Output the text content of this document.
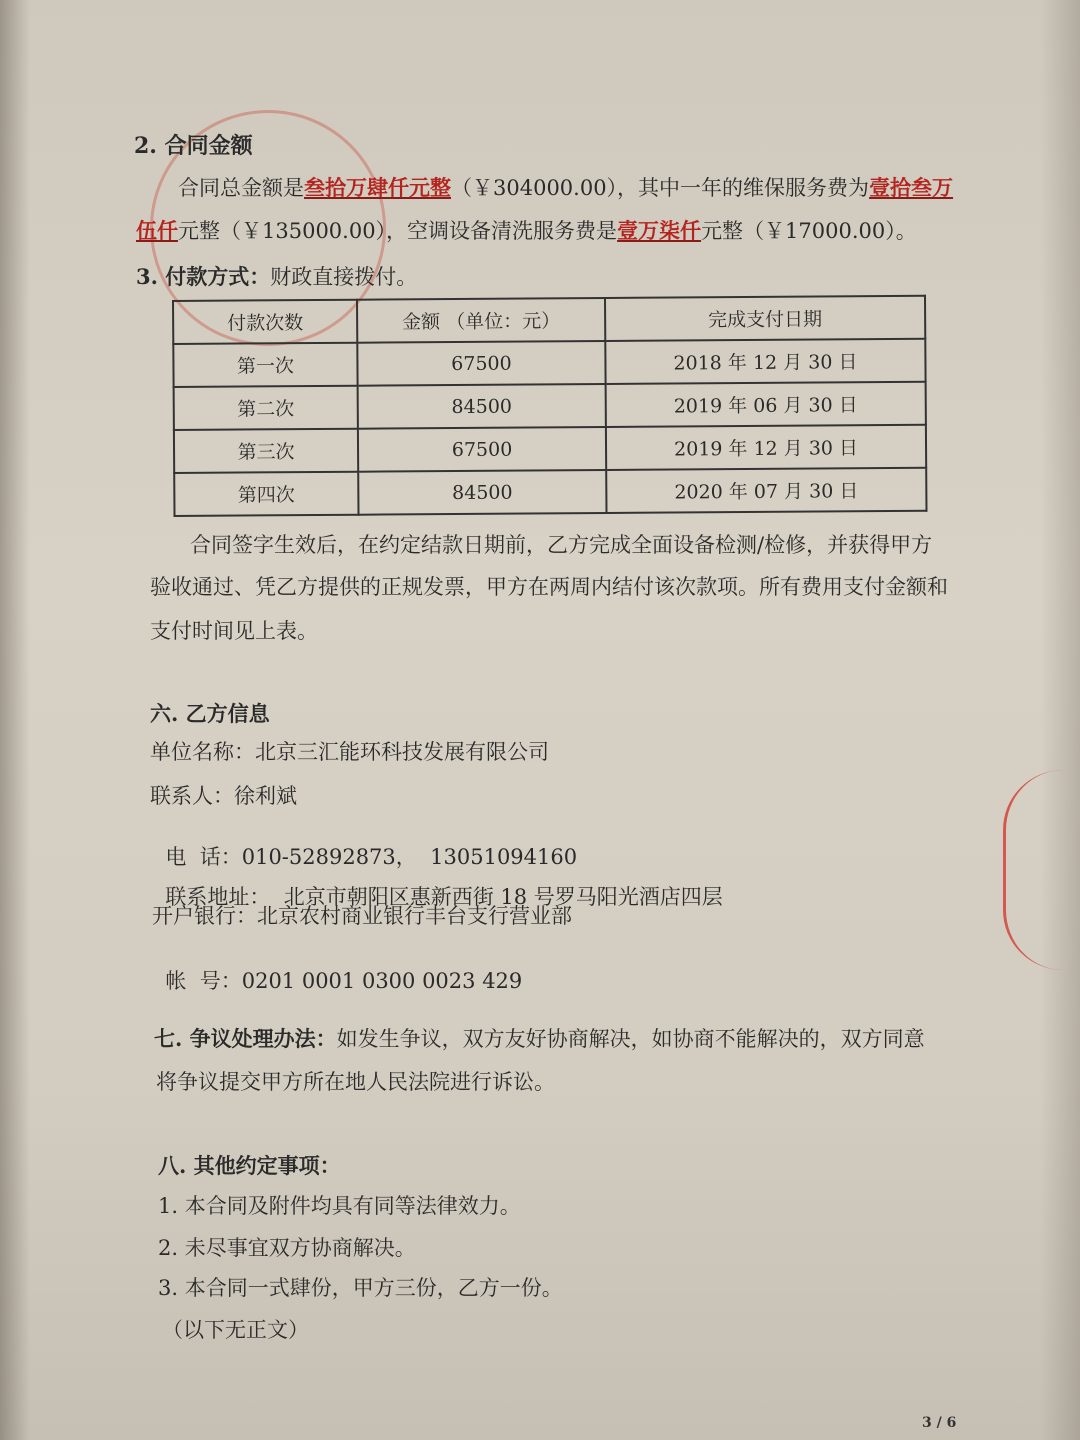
2. 合同金额
合同总金额是叁拾万肆仟元整（￥304000.00），其中一年的维保服务费为壹拾叁万
伍仟元整（￥135000.00），空调设备清洗服务费是壹万柒仟元整（￥17000.00）。
3. 付款方式：财政直接拨付。
付款次数	金额 （单位：元）	完成支付日期
第一次	67500	2018 年 12 月 30 日
第二次	84500	2019 年 06 月 30 日
第三次	67500	2019 年 12 月 30 日
第四次	84500	2020 年 07 月 30 日
合同签字生效后，在约定结款日期前，乙方完成全面设备检测/检修，并获得甲方
验收通过、凭乙方提供的正规发票，甲方在两周内结付该次款项。所有费用支付金额和
支付时间见上表。
六. 乙方信息
单位名称：北京三汇能环科技发展有限公司
联系人：徐利斌

电  话：010-52892873，  13051094160

联系地址： 北京市朝阳区惠新西街 18 号罗马阳光酒店四层

开户银行：北京农村商业银行丰台支行营业部

帐  号：0201 0001 0300 0023 429

七. 争议处理办法：如发生争议，双方友好协商解决，如协商不能解决的，双方同意
将争议提交甲方所在地人民法院进行诉讼。
八. 其他约定事项：
1. 本合同及附件均具有同等法律效力。
2. 未尽事宜双方协商解决。
3. 本合同一式肆份，甲方三份，乙方一份。
（以下无正文）
3 / 6
